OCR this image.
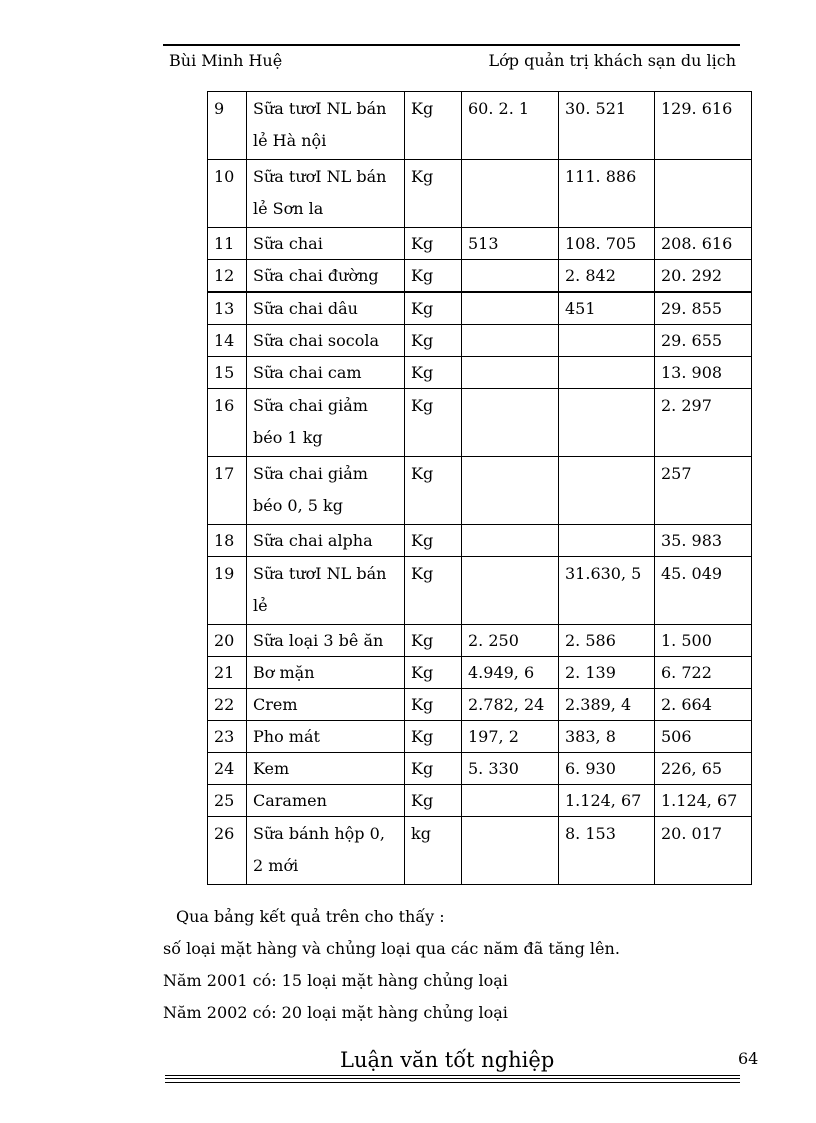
Bùi Minh Huệ	Lớp quản trị khách sạn du lịch
9	Sữa tươI NL bán lẻ Hà nội	Kg	60. 2. 1	30. 521	129. 616
10	Sữa tươI NL bán lẻ Sơn la	Kg		111. 886	
11	Sữa chai	Kg	513	108. 705	208. 616
12	Sữa chai đường	Kg		2. 842	20. 292
13	Sữa chai dâu	Kg		451	29. 855
14	Sữa chai socola	Kg			29. 655
15	Sữa chai cam	Kg			13. 908
16	Sữa chai giảm béo 1 kg	Kg			2. 297
17	Sữa chai giảm béo 0, 5 kg	Kg			257
18	Sữa chai alpha	Kg			35. 983
19	Sữa tươI NL bán lẻ	Kg		31.630, 5	45. 049
20	Sữa loại 3 bê ăn	Kg	2. 250	2. 586	1. 500
21	Bơ mặn	Kg	4.949, 6	2. 139	6. 722
22	Crem	Kg	2.782, 24	2.389, 4	2. 664
23	Pho mát	Kg	197, 2	383, 8	506
24	Kem	Kg	5. 330	6. 930	226, 65
25	Caramen	Kg		1.124, 67	1.124, 67
26	Sữa bánh hộp 0, 2 mới	kg		8. 153	20. 017
Qua bảng kết quả trên cho thấy :
số loại mặt hàng và chủng loại qua các năm đã tăng lên.
Năm 2001 có: 15 loại mặt hàng chủng loại
Năm 2002 có: 20 loại mặt hàng chủng loại
Luận văn tốt nghiệp	64
